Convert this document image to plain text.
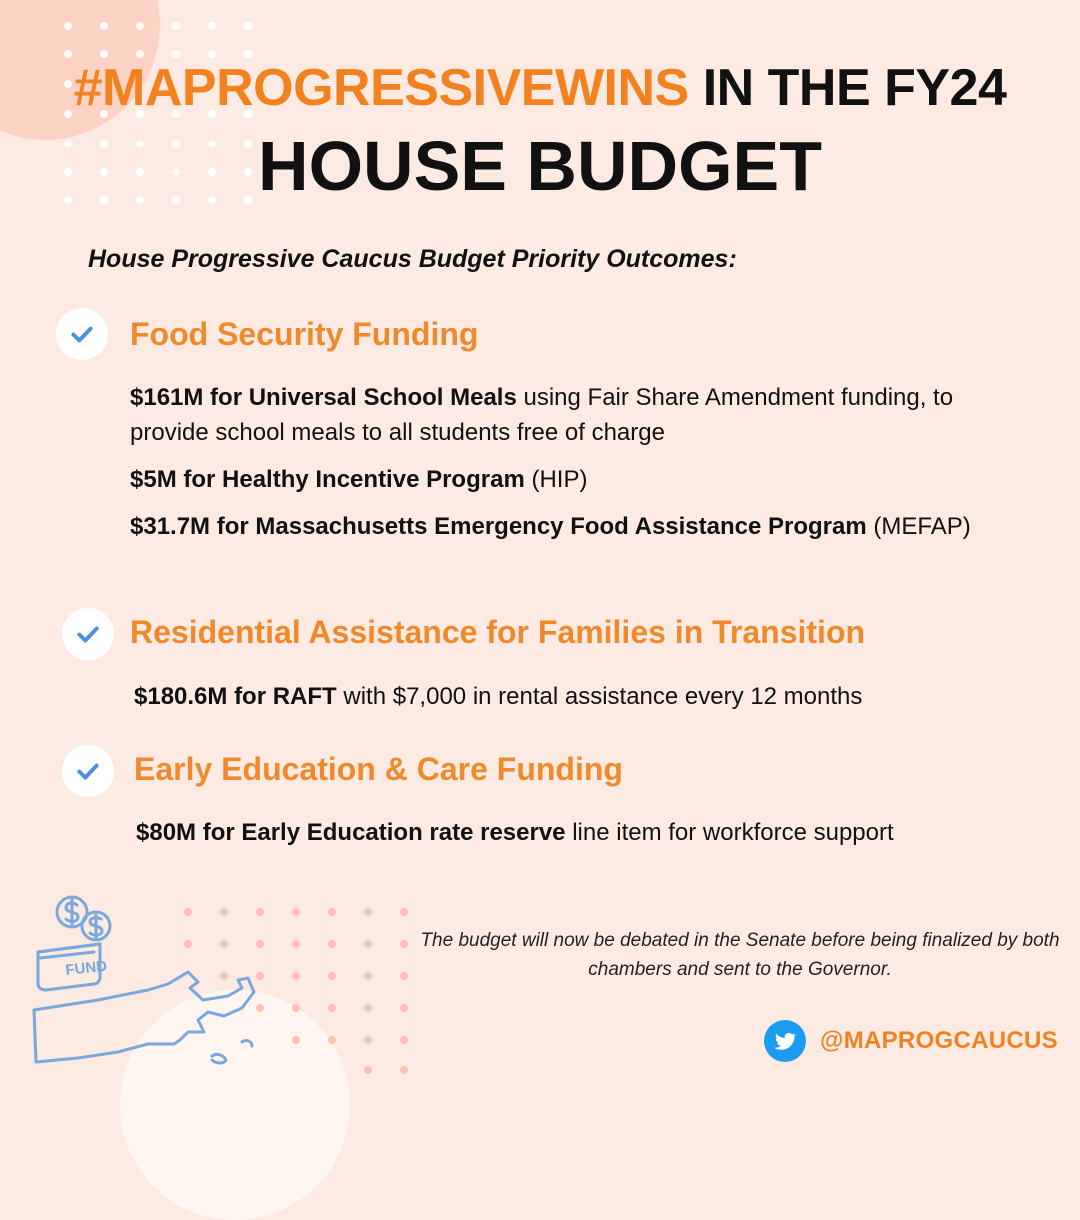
#MAPROGRESSIVEWINS IN THE FY24
HOUSE BUDGET

House Progressive Caucus Budget Priority Outcomes:

Food Security Funding

$161M for Universal School Meals using Fair Share Amendment funding, to provide school meals to all students free of charge

$5M for Healthy Incentive Program (HIP)

$31.7M for Massachusetts Emergency Food Assistance Program (MEFAP)

Residential Assistance for Families in Transition

$180.6M for RAFT with $7,000 in rental assistance every 12 months

Early Education & Care Funding

$80M for Early Education rate reserve line item for workforce support

FUND

The budget will now be debated in the Senate before being finalized by both chambers and sent to the Governor.

@MAPROGCAUCUS
